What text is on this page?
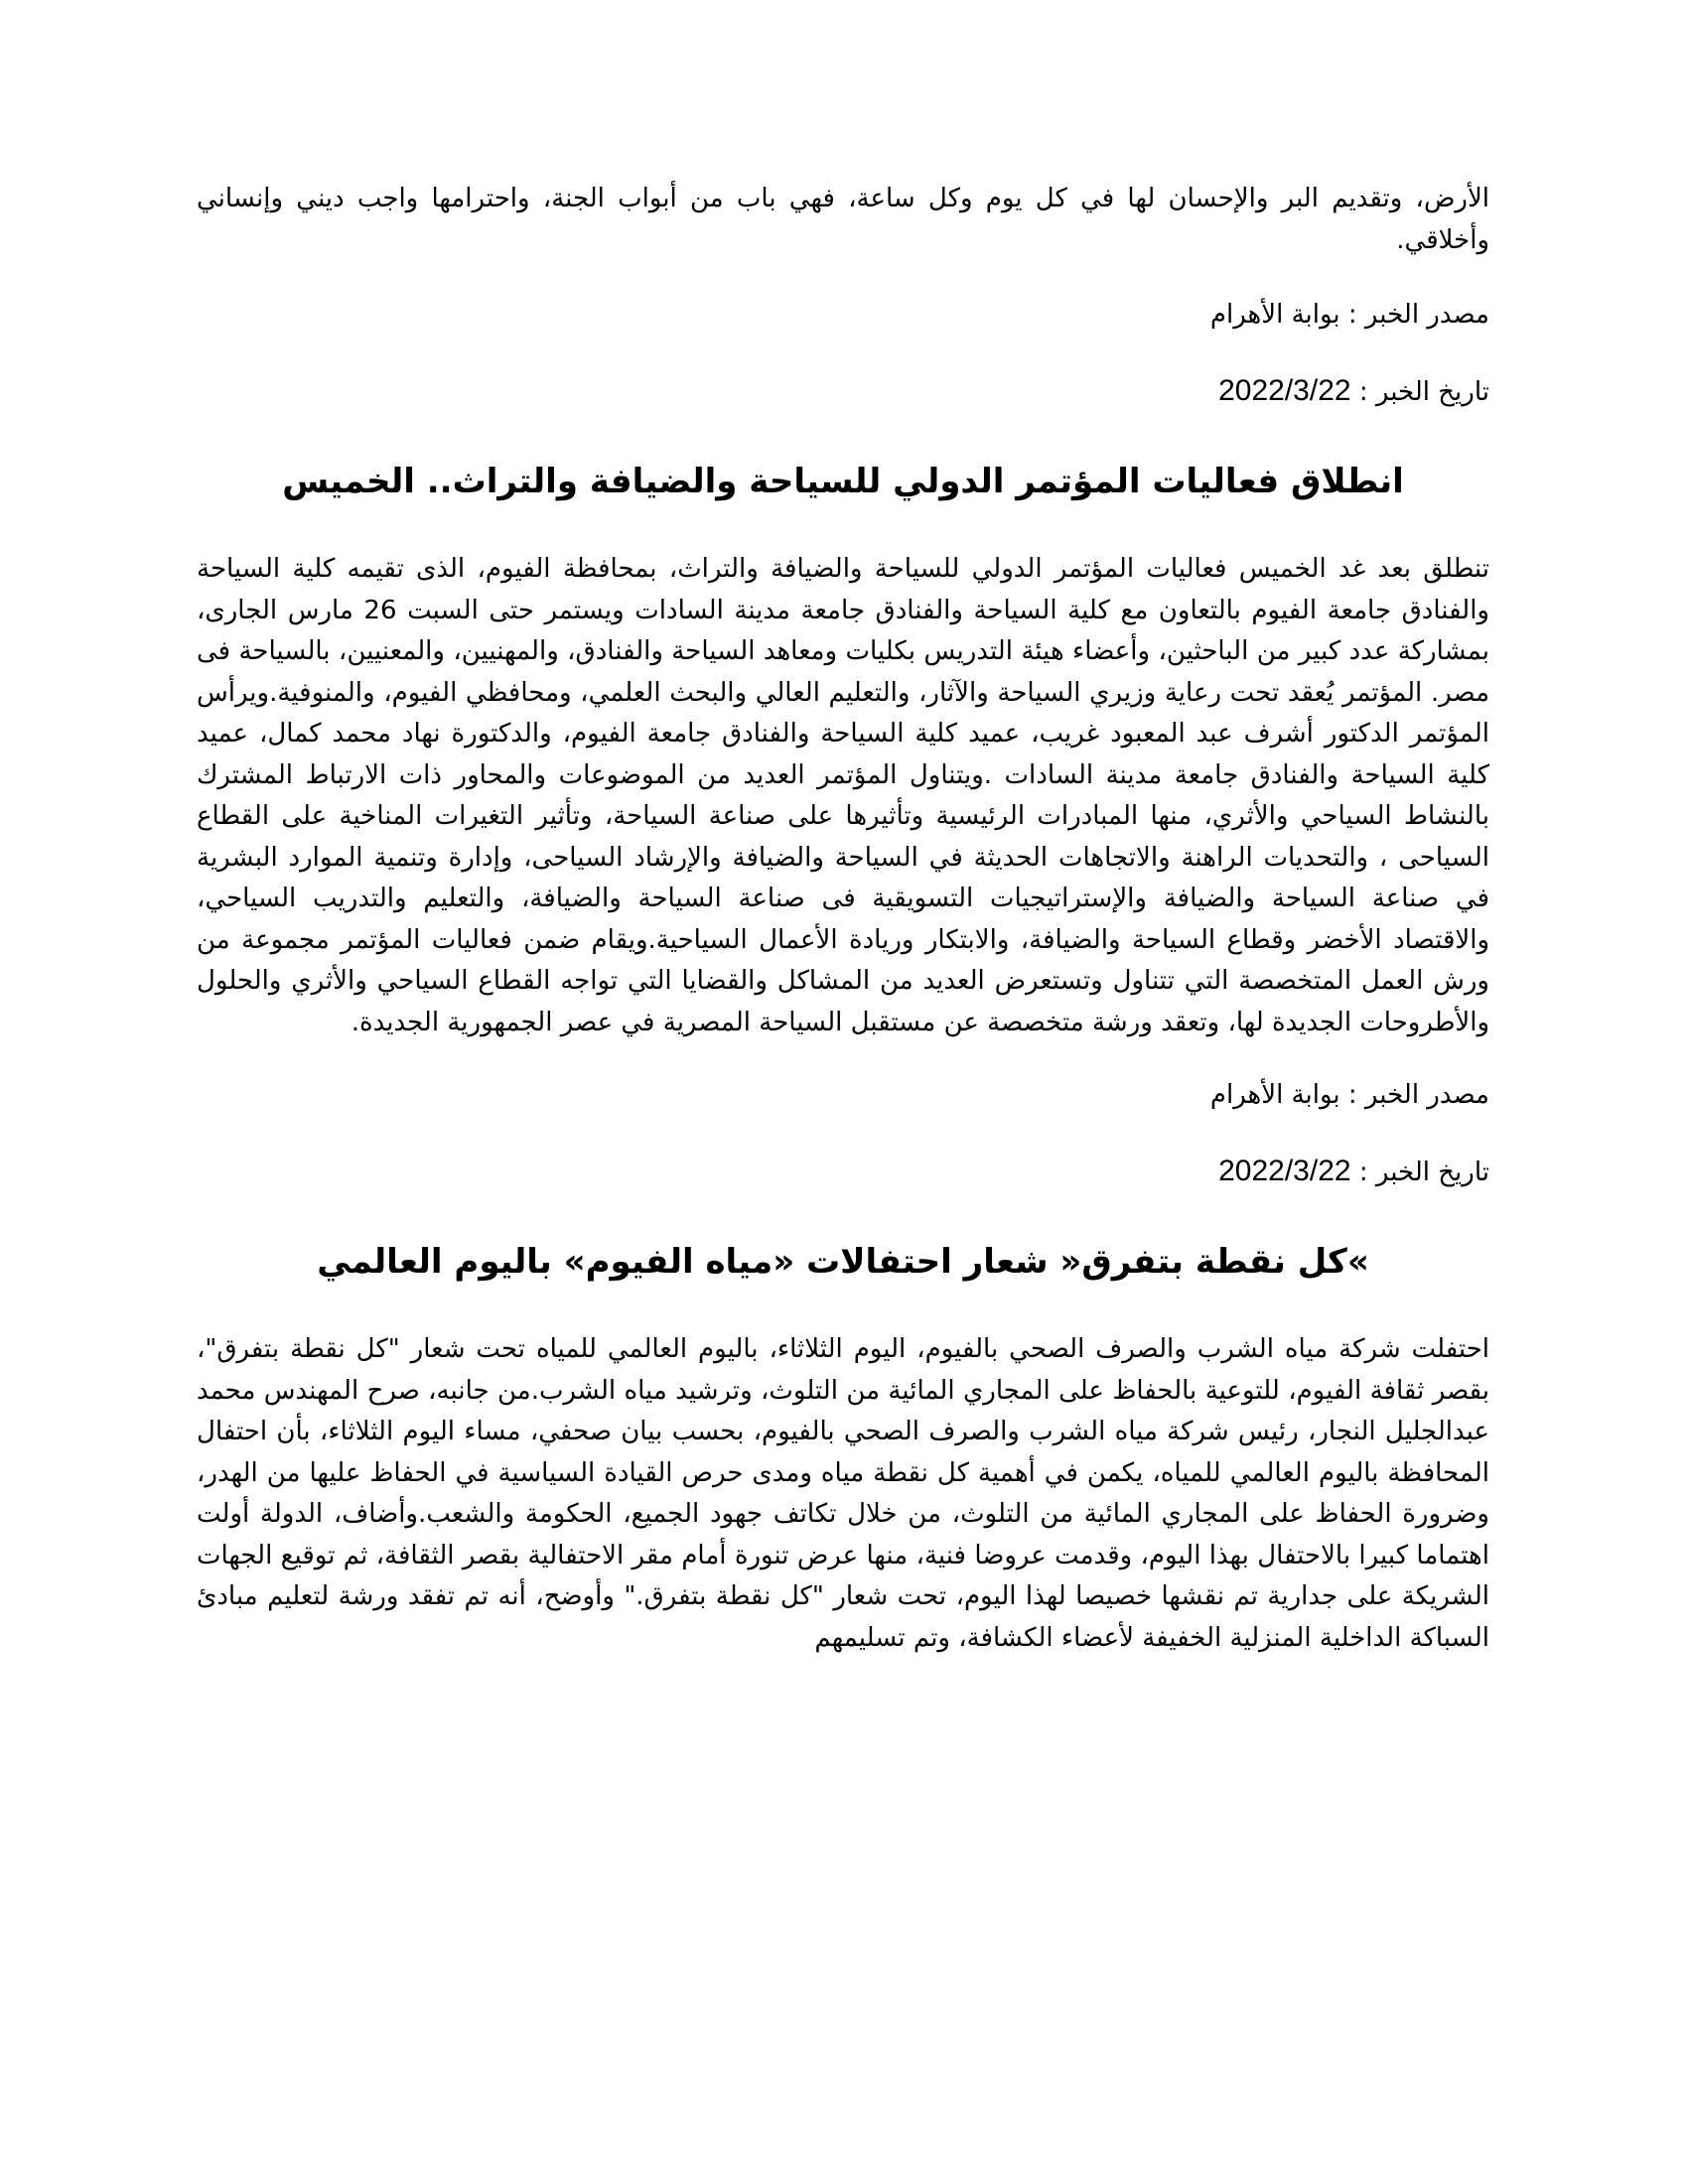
الأرض، وتقديم البر والإحسان لها في كل يوم وكل ساعة، فهي باب من أبواب الجنة، واحترامها واجب ديني وإنساني وأخلاقي.

مصدر الخبر : بوابة الأهرام

تاريخ الخبر : 2022/3/22

انطلاق فعاليات المؤتمر الدولي للسياحة والضيافة والتراث.. الخميس

تنطلق بعد غد الخميس فعاليات المؤتمر الدولي للسياحة والضيافة والتراث، بمحافظة الفيوم، الذى تقيمه كلية السياحة والفنادق جامعة الفيوم بالتعاون مع كلية السياحة والفنادق جامعة مدينة السادات ويستمر حتى السبت 26 مارس الجارى، بمشاركة عدد كبير من الباحثين، وأعضاء هيئة التدريس بكليات ومعاهد السياحة والفنادق، والمهنيين، والمعنيين، بالسياحة فى مصر. المؤتمر يُعقد تحت رعاية وزيري السياحة والآثار، والتعليم العالي والبحث العلمي، ومحافظي الفيوم، والمنوفية.ويرأس المؤتمر الدكتور أشرف عبد المعبود غريب، عميد كلية السياحة والفنادق جامعة الفيوم، والدكتورة نهاد محمد كمال، عميد كلية السياحة والفنادق جامعة مدينة السادات .ويتناول المؤتمر العديد من الموضوعات والمحاور ذات الارتباط المشترك بالنشاط السياحي والأثري، منها المبادرات الرئيسية وتأثيرها على صناعة السياحة، وتأثير التغيرات المناخية على القطاع السياحى ، والتحديات الراهنة والاتجاهات الحديثة في السياحة والضيافة والإرشاد السياحى، وإدارة وتنمية الموارد البشرية في صناعة السياحة والضيافة والإستراتيجيات التسويقية فى صناعة السياحة والضيافة، والتعليم والتدريب السياحي، والاقتصاد الأخضر وقطاع السياحة والضيافة، والابتكار وريادة الأعمال السياحية.ويقام ضمن فعاليات المؤتمر مجموعة من ورش العمل المتخصصة التي تتناول وتستعرض العديد من المشاكل والقضايا التي تواجه القطاع السياحي والأثري والحلول والأطروحات الجديدة لها، وتعقد ورشة متخصصة عن مستقبل السياحة المصرية في عصر الجمهورية الجديدة.

مصدر الخبر : بوابة الأهرام

تاريخ الخبر : 2022/3/22

»كل نقطة بتفرق« شعار احتفالات «مياه الفيوم» باليوم العالمي

احتفلت شركة مياه الشرب والصرف الصحي بالفيوم، اليوم الثلاثاء، باليوم العالمي للمياه تحت شعار "كل نقطة بتفرق"، بقصر ثقافة الفيوم، للتوعية بالحفاظ على المجاري المائية من التلوث، وترشيد مياه الشرب.من جانبه، صرح المهندس محمد عبدالجليل النجار، رئيس شركة مياه الشرب والصرف الصحي بالفيوم، بحسب بيان صحفي، مساء اليوم الثلاثاء، بأن احتفال المحافظة باليوم العالمي للمياه، يكمن في أهمية كل نقطة مياه ومدى حرص القيادة السياسية في الحفاظ عليها من الهدر، وضرورة الحفاظ على المجاري المائية من التلوث، من خلال تكاتف جهود الجميع، الحكومة والشعب.وأضاف، الدولة أولت اهتماما كبيرا بالاحتفال بهذا اليوم، وقدمت عروضا فنية، منها عرض تنورة أمام مقر الاحتفالية بقصر الثقافة، ثم توقيع الجهات الشريكة على جدارية تم نقشها خصيصا لهذا اليوم، تحت شعار "كل نقطة بتفرق." وأوضح، أنه تم تفقد ورشة لتعليم مبادئ السباكة الداخلية المنزلية الخفيفة لأعضاء الكشافة، وتم تسليمهم
